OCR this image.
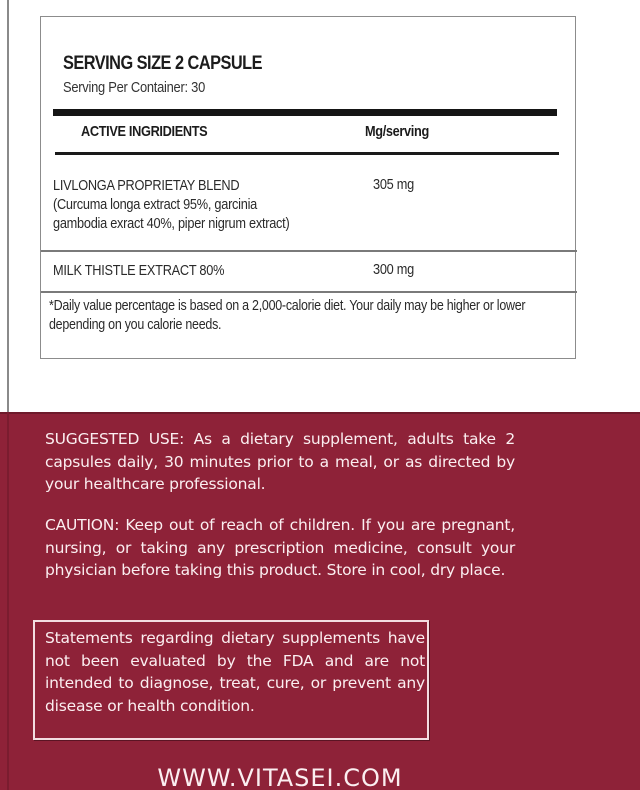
SERVING SIZE 2 CAPSULE
Serving Per Container: 30
ACTIVE INGRIDIENTS	Mg/serving
LIVLONGA PROPRIETAY BLEND
(Curcuma longa extract 95%, garcinia
gambodia exract 40%, piper nigrum extract)
305 mg
MILK THISTLE EXTRACT 80%	300 mg
*Daily value percentage is based on a 2,000-calorie diet. Your daily may be higher or lower depending on you calorie needs.

SUGGESTED USE: As a dietary supplement, adults take 2 capsules daily, 30 minutes prior to a meal, or as directed by your healthcare professional.

CAUTION: Keep out of reach of children. If you are pregnant, nursing, or taking any prescription medicine, consult your physician before taking this product. Store in cool, dry place.

Statements regarding dietary supplements have not been evaluated by the FDA and are not intended to diagnose, treat, cure, or prevent any disease or health condition.

WWW.VITASEI.COM
